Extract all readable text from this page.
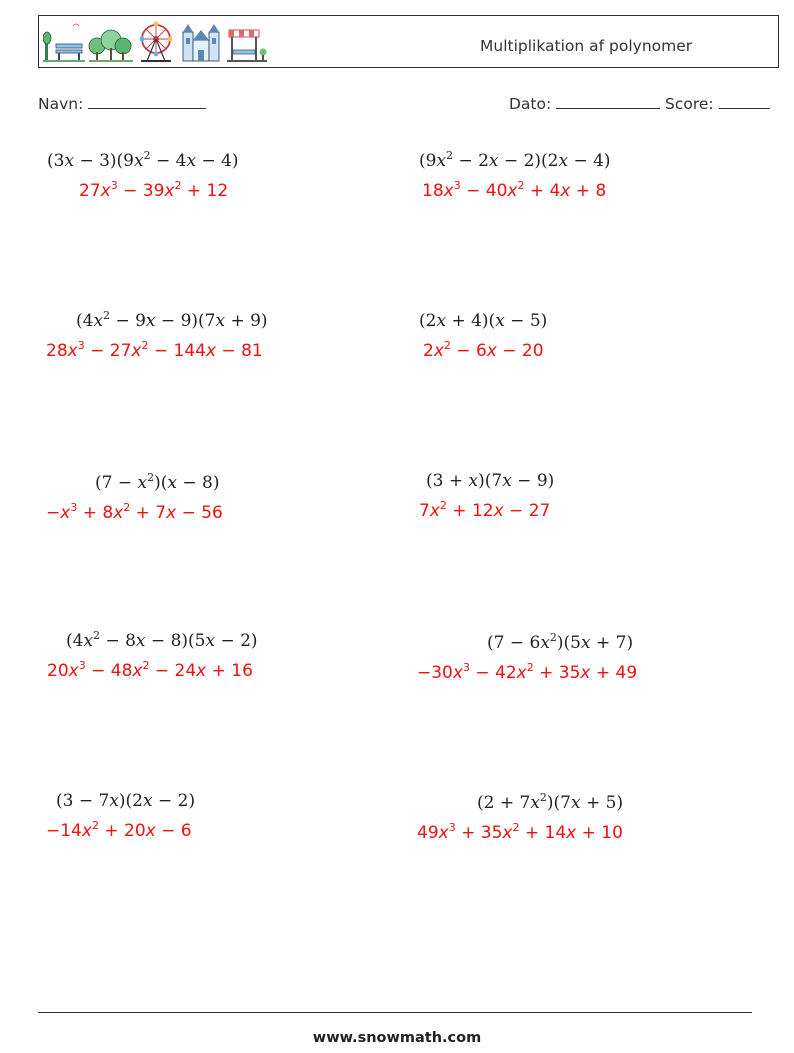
Multiplikation af polynomer
Navn:	Dato:	Score:
$(3x - 3)(9x^2 - 4x - 4)$
$27x^3 - 39x^2 + 12$
$(9x^2 - 2x - 2)(2x - 4)$
$18x^3 - 40x^2 + 4x + 8$
$(4x^2 - 9x - 9)(7x + 9)$
$28x^3 - 27x^2 - 144x - 81$
(2x + 4)(x − 5)
$2x^2 - 6x - 20$
$(7 - x^2)(x - 8)$
$-x^3 + 8x^2 + 7x - 56$
(3 + x)(7x − 9)
$7x^2 + 12x - 27$
$(4x^2 - 8x - 8)(5x - 2)$
$20x^3 - 48x^2 - 24x + 16$
$(7 - 6x^2)(5x + 7)$
$-30x^3 - 42x^2 + 35x + 49$
(3 − 7x)(2x − 2)
$-14x^2 + 20x - 6$
$(2 + 7x^2)(7x + 5)$
$49x^3 + 35x^2 + 14x + 10$
www.snowmath.com
